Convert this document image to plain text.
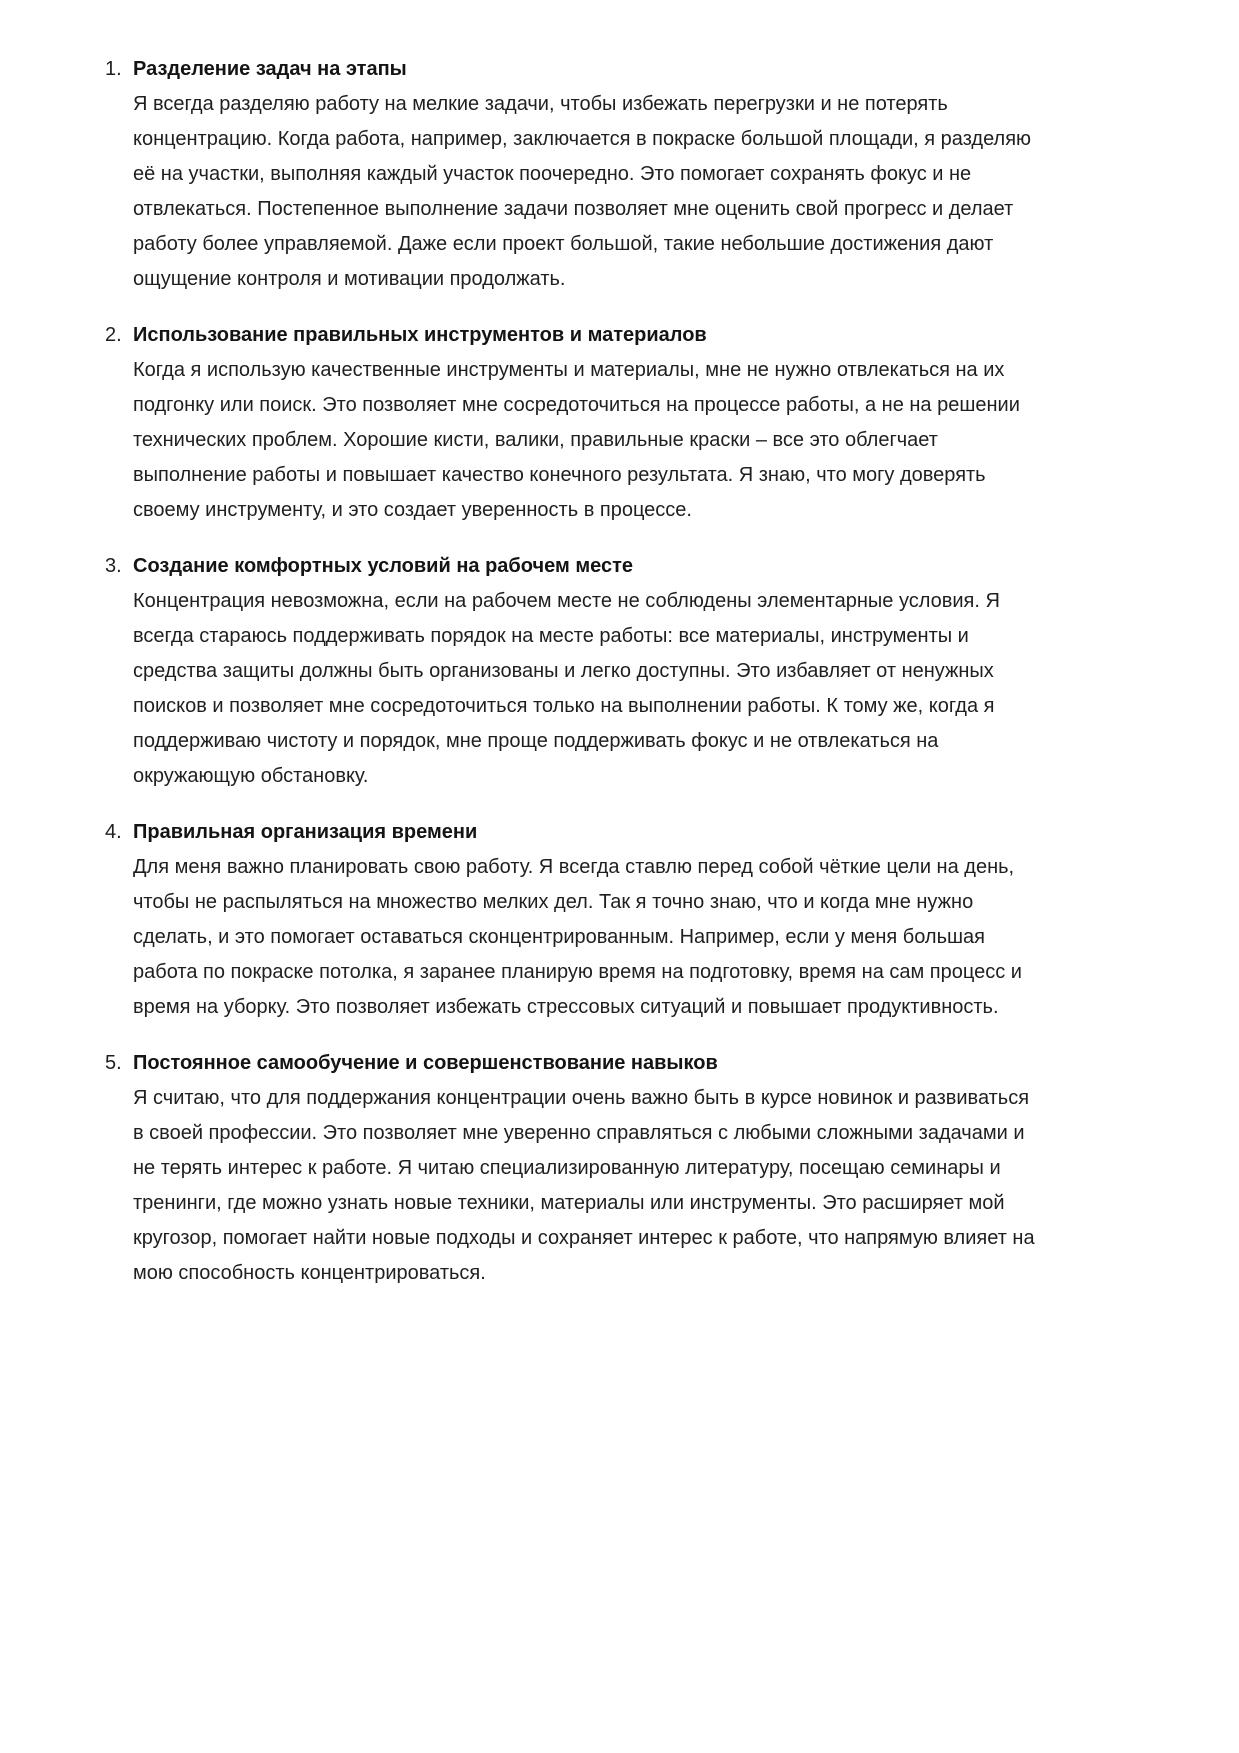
1. Разделение задач на этапы
Я всегда разделяю работу на мелкие задачи, чтобы избежать перегрузки и не потерять концентрацию. Когда работа, например, заключается в покраске большой площади, я разделяю её на участки, выполняя каждый участок поочередно. Это помогает сохранять фокус и не отвлекаться. Постепенное выполнение задачи позволяет мне оценить свой прогресс и делает работу более управляемой. Даже если проект большой, такие небольшие достижения дают ощущение контроля и мотивации продолжать.
2. Использование правильных инструментов и материалов
Когда я использую качественные инструменты и материалы, мне не нужно отвлекаться на их подгонку или поиск. Это позволяет мне сосредоточиться на процессе работы, а не на решении технических проблем. Хорошие кисти, валики, правильные краски – все это облегчает выполнение работы и повышает качество конечного результата. Я знаю, что могу доверять своему инструменту, и это создает уверенность в процессе.
3. Создание комфортных условий на рабочем месте
Концентрация невозможна, если на рабочем месте не соблюдены элементарные условия. Я всегда стараюсь поддерживать порядок на месте работы: все материалы, инструменты и средства защиты должны быть организованы и легко доступны. Это избавляет от ненужных поисков и позволяет мне сосредоточиться только на выполнении работы. К тому же, когда я поддерживаю чистоту и порядок, мне проще поддерживать фокус и не отвлекаться на окружающую обстановку.
4. Правильная организация времени
Для меня важно планировать свою работу. Я всегда ставлю перед собой чёткие цели на день, чтобы не распыляться на множество мелких дел. Так я точно знаю, что и когда мне нужно сделать, и это помогает оставаться сконцентрированным. Например, если у меня большая работа по покраске потолка, я заранее планирую время на подготовку, время на сам процесс и время на уборку. Это позволяет избежать стрессовых ситуаций и повышает продуктивность.
5. Постоянное самообучение и совершенствование навыков
Я считаю, что для поддержания концентрации очень важно быть в курсе новинок и развиваться в своей профессии. Это позволяет мне уверенно справляться с любыми сложными задачами и не терять интерес к работе. Я читаю специализированную литературу, посещаю семинары и тренинги, где можно узнать новые техники, материалы или инструменты. Это расширяет мой кругозор, помогает найти новые подходы и сохраняет интерес к работе, что напрямую влияет на мою способность концентрироваться.
